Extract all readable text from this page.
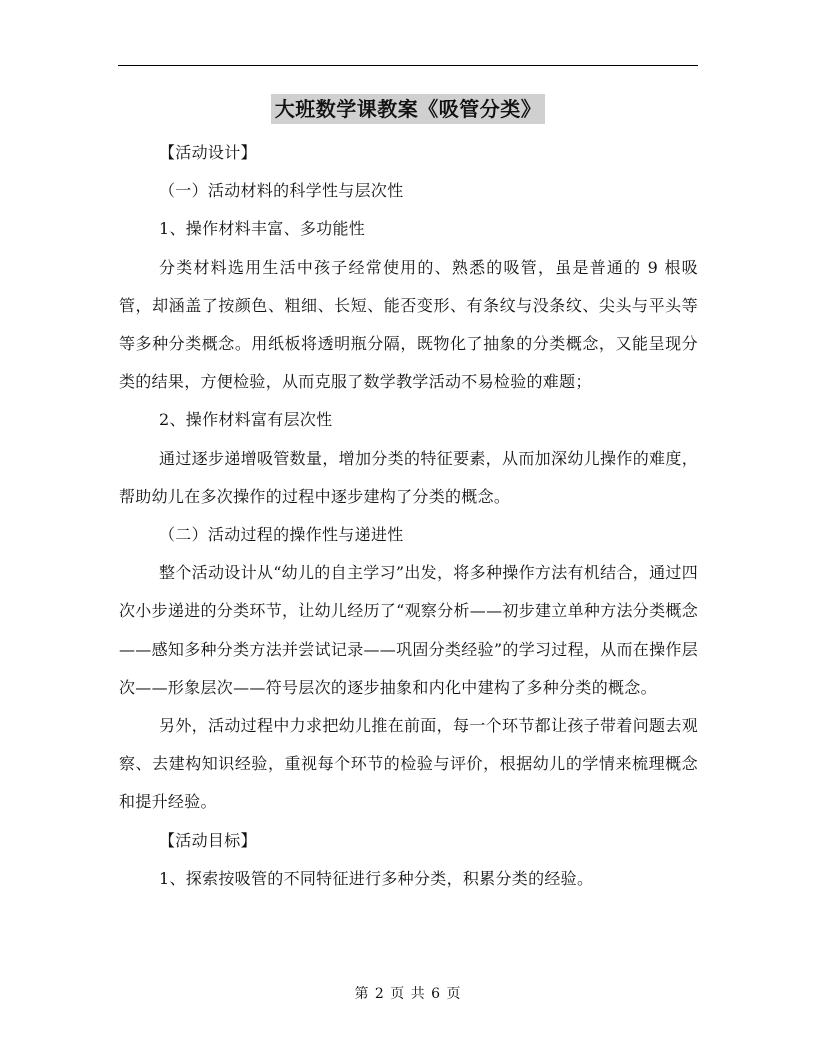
大班数学课教案《吸管分类》

【活动设计】

（一）活动材料的科学性与层次性

1、操作材料丰富、多功能性

分类材料选用生活中孩子经常使用的、熟悉的吸管，虽是普通的 9 根吸管，却涵盖了按颜色、粗细、长短、能否变形、有条纹与没条纹、尖头与平头等等多种分类概念。用纸板将透明瓶分隔，既物化了抽象的分类概念，又能呈现分类的结果，方便检验，从而克服了数学教学活动不易检验的难题；

2、操作材料富有层次性

通过逐步递增吸管数量，增加分类的特征要素，从而加深幼儿操作的难度，帮助幼儿在多次操作的过程中逐步建构了分类的概念。

（二）活动过程的操作性与递进性

整个活动设计从“幼儿的自主学习”出发，将多种操作方法有机结合，通过四次小步递进的分类环节，让幼儿经历了“观察分析——初步建立单种方法分类概念——感知多种分类方法并尝试记录——巩固分类经验”的学习过程，从而在操作层次——形象层次——符号层次的逐步抽象和内化中建构了多种分类的概念。

另外，活动过程中力求把幼儿推在前面，每一个环节都让孩子带着问题去观察、去建构知识经验，重视每个环节的检验与评价，根据幼儿的学情来梳理概念和提升经验。

【活动目标】

1、探索按吸管的不同特征进行多种分类，积累分类的经验。

第 2 页 共 6 页
